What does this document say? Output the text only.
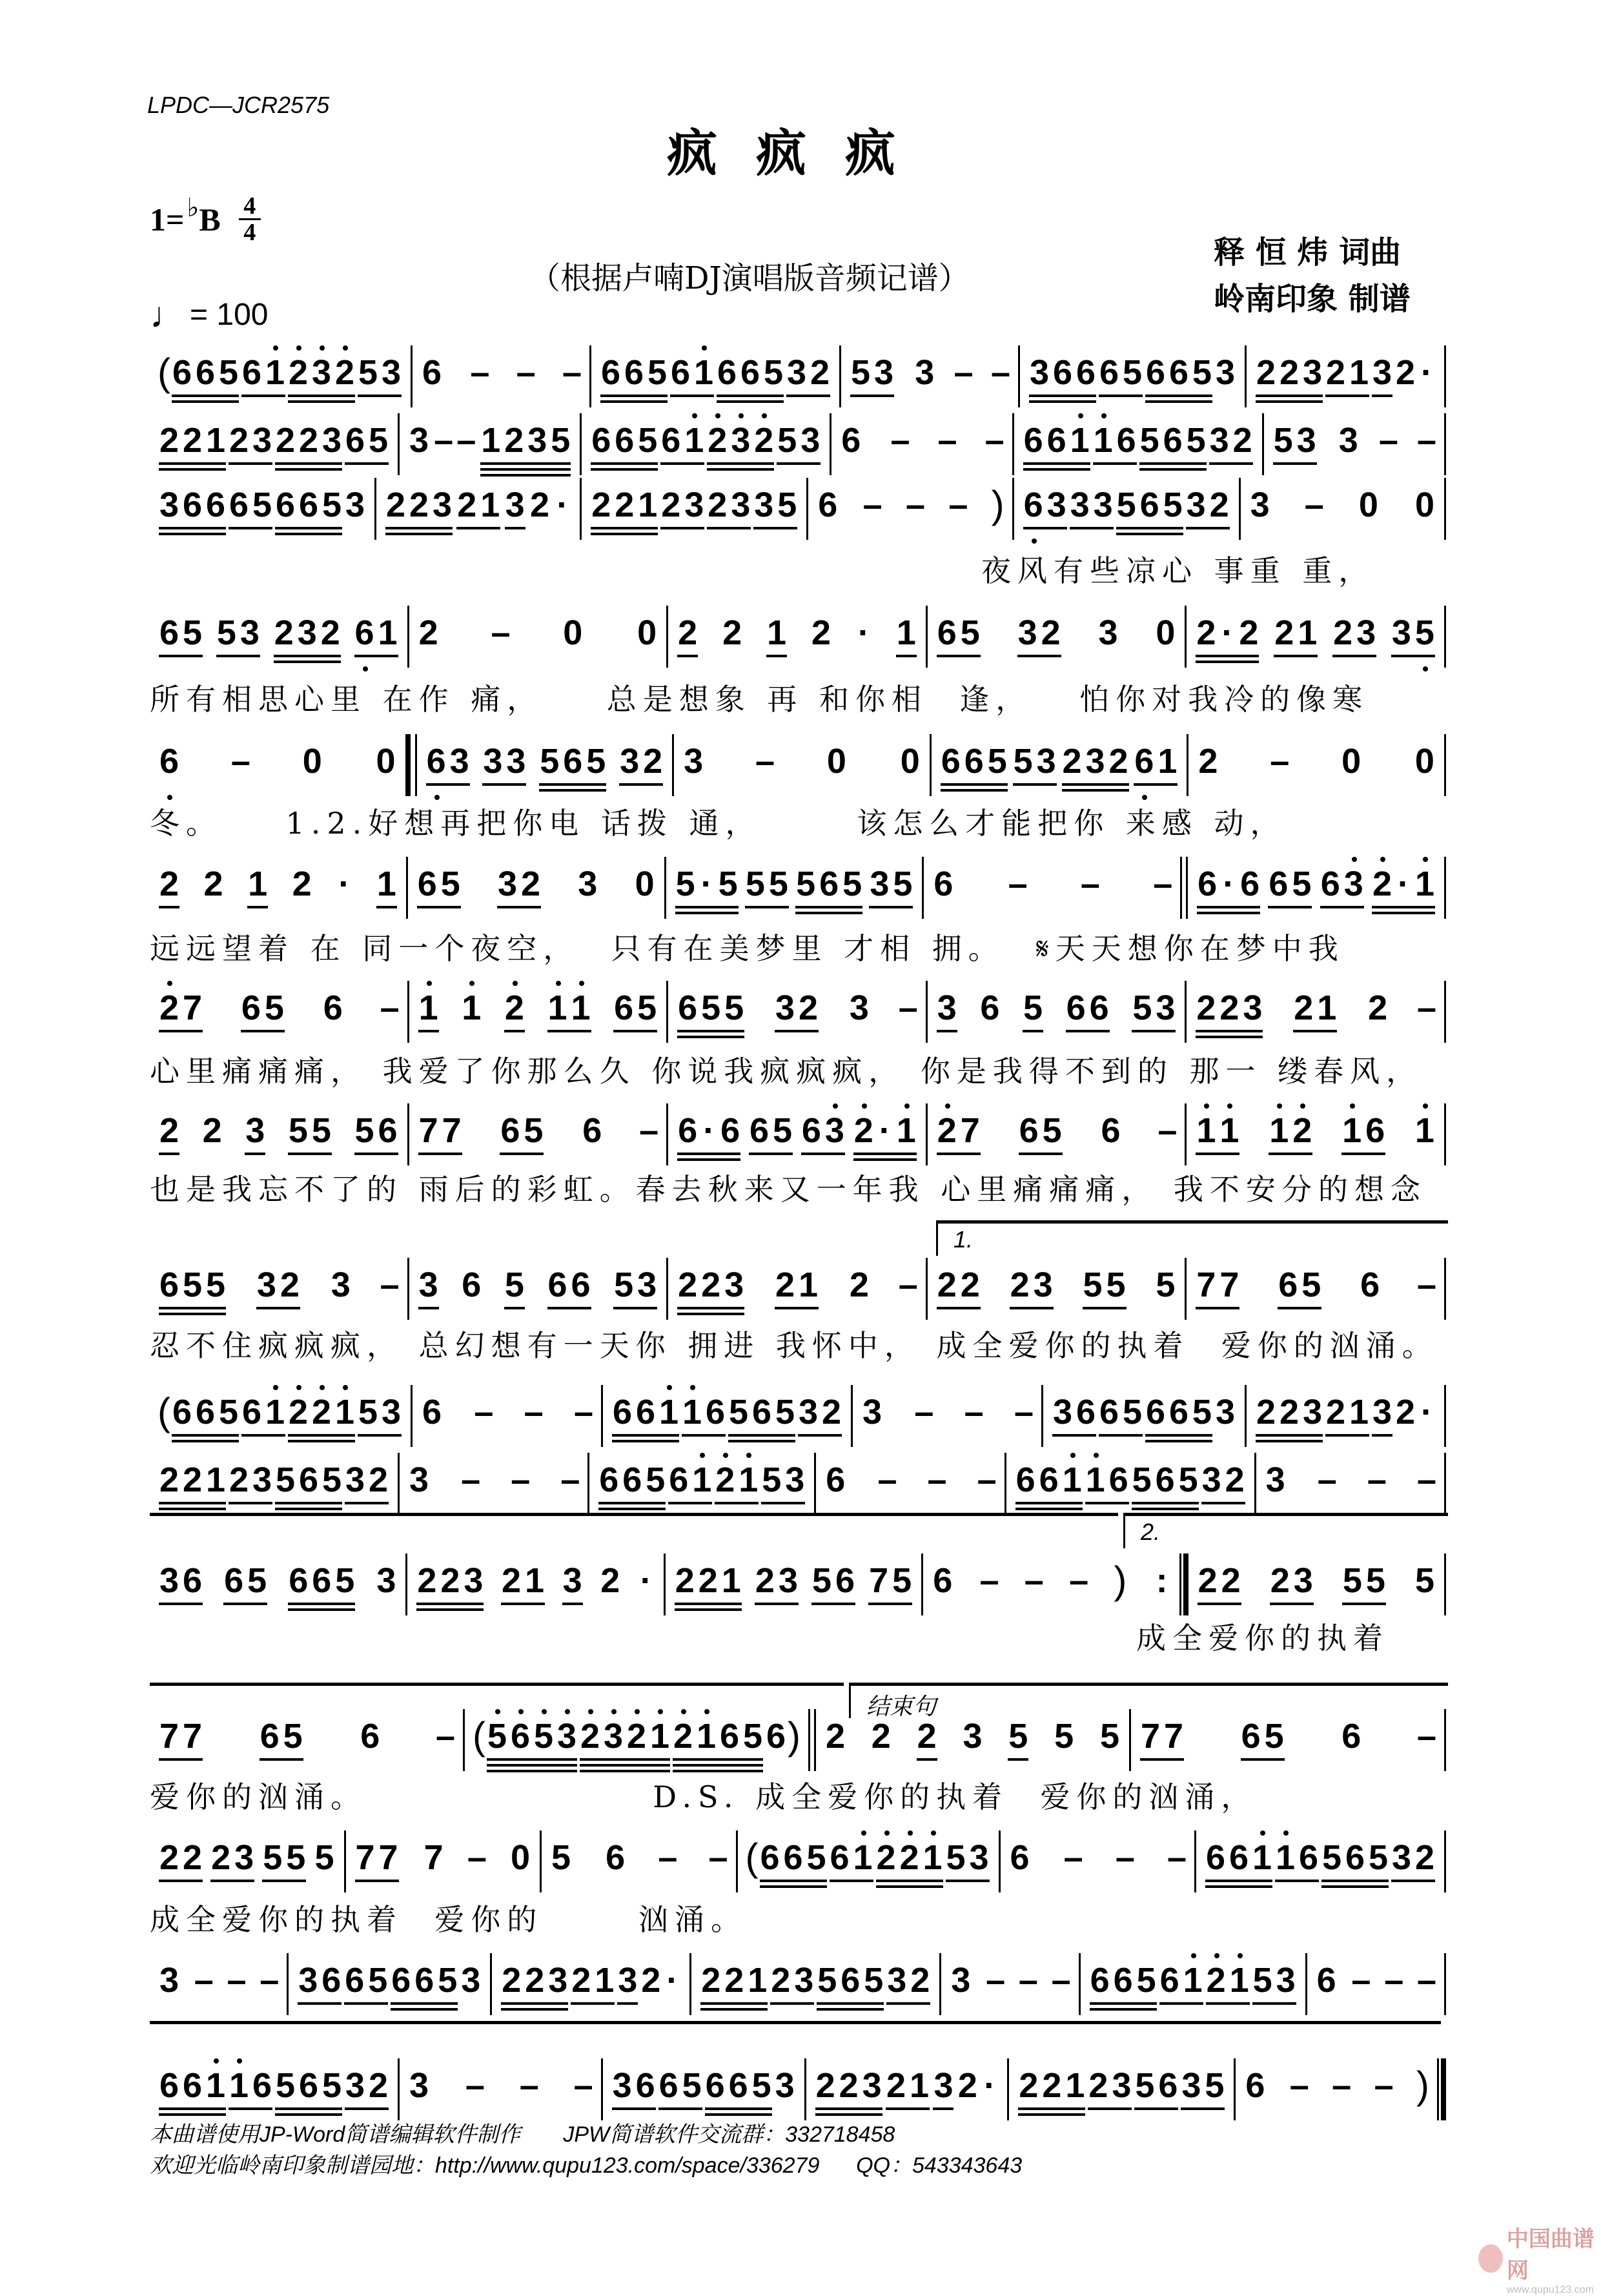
LPDC—JCR2575
疯疯疯
1= ♭ B $\frac{4}{4}$
（根据卢喃DJ演唱版音频记谱）
释 恒 炜 词曲
岭南印象 制谱
♩ = 100
( 6 6 5 6 1 2 3 2 5 3 6 – – – 6 6 5 6 1 6 6 5 3 2 5 3 3 – – 3 6 6 6 5 6 6 5 3 2 2 3 2 1 3 2 ·
2 2 1 2 3 2 2 3 6 5 3 – – 1 2 3 5 6 6 5 6 1 2 3 2 5 3 6 – – – 6 6 1 1 6 5 6 5 3 2 5 3 3 – –
3 6 6 6 5 6 6 5 3 2 2 3 2 1 3 2 · 2 2 1 2 3 2 3 3 5 6 – – – ) 6 3 3 3 5 6 5 3 2 3 – 0 0
6 5 5 3 2 3 2 6 1 2 – 0 0 2 2 1 2 · 1 6 5 3 2 3 0 2 · 2 2 1 2 3 3 5
6 – 0 0 6 3 3 3 5 6 5 3 2 3 – 0 0 6 6 5 5 3 2 3 2 6 1 2 – 0 0
2 2 1 2 · 1 6 5 3 2 3 0 5 · 5 5 5 5 6 5 3 5 6 – – – 6 · 6 6 5 6 3 2 · 1
2 7 6 5 6 – 1 1 2 1 1 6 5 6 5 5 3 2 3 – 3 6 5 6 6 5 3 2 2 3 2 1 2 –
2 2 3 5 5 5 6 7 7 6 5 6 – 6 · 6 6 5 6 3 2 · 1 2 7 6 5 6 – 1 1 1 2 1 6 1
6 5 5 3 2 3 – 3 6 5 6 6 5 3 2 2 3 2 1 2 – 2 2 2 3 5 5 5 7 7 6 5 6 –
( 6 6 5 6 1 2 2 1 5 3 6 – – – 6 6 1 1 6 5 6 5 3 2 3 – – – 3 6 6 5 6 6 5 3 2 2 3 2 1 3 2 ·
2 2 1 2 3 5 6 5 3 2 3 – – – 6 6 5 6 1 2 1 5 3 6 – – – 6 6 1 1 6 5 6 5 3 2 3 – – –
3 6 6 5 6 6 5 3 2 2 3 2 1 3 2 · 2 2 1 2 3 5 6 7 5 6 – – – ) : 2 2 2 3 5 5 5
7 7 6 5 6 – ( 5 6 5 3 2 3 2 1 2 1 6 5 6 ) 2 2 2 3 5 5 5 7 7 6 5 6 –
2 2 2 3 5 5 5 7 7 7 – 0 5 6 – – ( 6 6 5 6 1 2 2 1 5 3 6 – – – 6 6 1 1 6 5 6 5 3 2
3 – – – 3 6 6 5 6 6 5 3 2 2 3 2 1 3 2 · 2 2 1 2 3 5 6 5 3 2 3 – – – 6 6 5 6 1 2 1 5 3 6 – – –
6 6 1 1 6 5 6 5 3 2 3 – – – 3 6 6 5 6 6 5 3 2 2 3 2 1 3 2 · 2 2 1 2 3 5 6 3 5 6 – – – )
夜风有些凉心 事重 重，
所有相思心里 在作 痛，    总是想象 再 和你相  逢，   怕你对我冷的像寒
冬。    1.2.好想再把你电 话拨 通，      该怎么才能把你 来感 动，
远远望着 在 同一个夜空，  只有在美梦里 才相 拥。  𝄋天天想你在梦中我
心里痛痛痛， 我爱了你那么久 你说我疯疯疯， 你是我得不到的 那一 缕春风，
也是我忘不了的 雨后的彩虹。春去秋来又一年我 心里痛痛痛， 我不安分的想念
忍不住疯疯疯， 总幻想有一天你 拥进 我怀中， 成全爱你的执着  爱你的汹涌。
成全爱你的执着
爱你的汹涌。                  D.S. 成全爱你的执着  爱你的汹涌，
成全爱你的执着  爱你的      汹涌。
1.
2.
结束句
本曲谱使用JP-Word简谱编辑软件制作       JPW简谱软件交流群：332718458
欢迎光临岭南印象制谱园地：http://www.qupu123.com/space/336279      QQ：543343643
中国曲谱网
www.qupu123.com
